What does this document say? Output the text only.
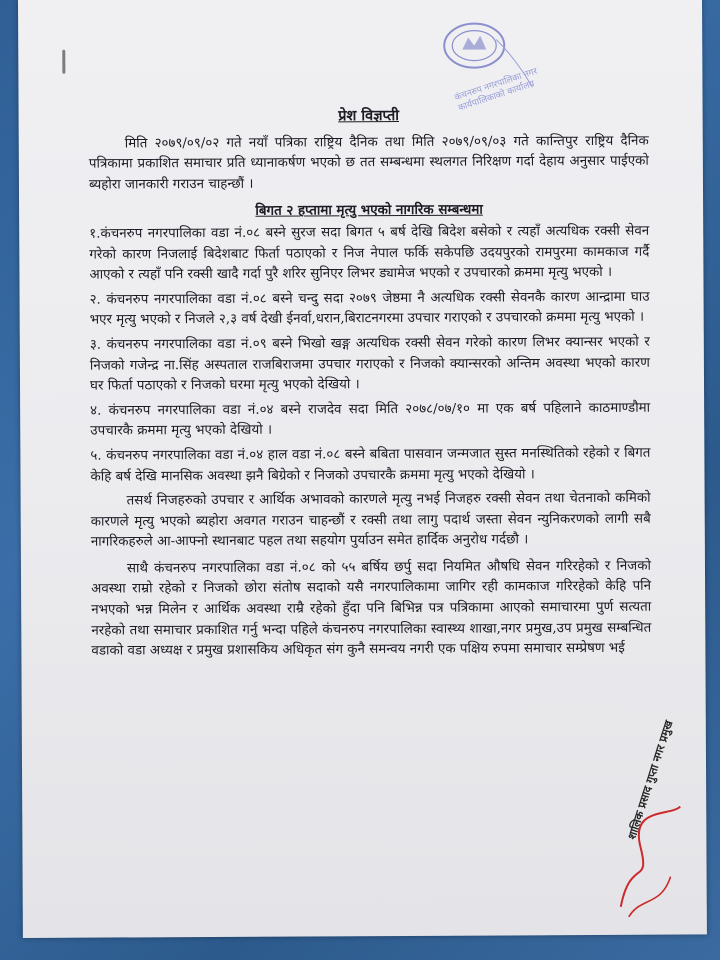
कंचनरुप नगरपालिका नगर कार्यपालिकाको कार्यालय
प्रेश विज्ञप्ती
मिति २०७९/०९/०२ गते नयाँ पत्रिका राष्ट्रिय दैनिक तथा मिति २०७९/०९/०३ गते कान्तिपुर राष्ट्रिय दैनिक पत्रिकामा प्रकाशित समाचार प्रति ध्यानाकर्षण भएको छ तत सम्बन्धमा स्थलगत निरिक्षण गर्दा देहाय अनुसार पाईएको ब्यहोरा जानकारी गराउन चाहन्छौं ।
बिगत २ हप्तामा मृत्यु भएको नागरिक सम्बन्धमा
१.कंचनरुप नगरपालिका वडा नं.०८ बस्ने सुरज सदा बिगत ५ बर्ष देखि बिदेश बसेको र त्यहाँ अत्यधिक रक्सी सेवन गरेको कारण निजलाई बिदेशबाट फिर्ता पठाएको र निज नेपाल फर्कि सकेपछि उदयपुरको रामपुरमा कामकाज गर्दै आएको र त्यहाँ पनि रक्सी खादै गर्दा पुरै शरिर सुनिएर लिभर ड्यामेज भएको र उपचारको क्रममा मृत्यु भएको ।
२. कंचनरुप नगरपालिका वडा नं.०८ बस्ने चन्दु सदा २०७९ जेष्ठमा नै अत्यधिक रक्सी सेवनकै कारण आन्द्रामा घाउ भएर मृत्यु भएको र निजले २,३ वर्ष देखी ईनर्वा,धरान,बिराटनगरमा उपचार गराएको र उपचारको क्रममा मृत्यु भएको ।
३. कंचनरुप नगरपालिका वडा नं.०९ बस्ने भिखो खङ्ग अत्यधिक रक्सी सेवन गरेको कारण लिभर क्यान्सर भएको र निजको गजेन्द्र ना.सिंह अस्पताल राजबिराजमा उपचार गराएको र निजको क्यान्सरको अन्तिम अवस्था भएको कारण घर फिर्ता पठाएको र निजको घरमा मृत्यु भएको देखियो ।
४. कंचनरुप नगरपालिका वडा नं.०४ बस्ने राजदेव सदा मिति २०७८/०७/१० मा एक बर्ष पहिलाने काठमाण्डौमा उपचारकै क्रममा मृत्यु भएको देखियो ।
५. कंचनरुप नगरपालिका वडा नं.०४ हाल वडा नं.०८ बस्ने बबिता पासवान जन्मजात सुस्त मनस्थितिको रहेको र बिगत केहि बर्ष देखि मानसिक अवस्था झनै बिग्रेको र निजको उपचारकै क्रममा मृत्यु भएको देखियो ।
तसर्थ निजहरुको उपचार र आर्थिक अभावको कारणले मृत्यु नभई निजहरु रक्सी सेवन तथा चेतनाको कमिको कारणले मृत्यु भएको ब्यहोरा अवगत गराउन चाहन्छौं र रक्सी तथा लागु पदार्थ जस्ता सेवन न्युनिकरणको लागी सबै नागरिकहरुले आ-आफ्नो स्थानबाट पहल तथा सहयोग पुर्याउन समेत हार्दिक अनुरोध गर्दछौ ।
साथै कंचनरुप नगरपालिका वडा नं.०८ को ५५ बर्षिय छर्पु सदा नियमित औषधि सेवन गरिरहेको र निजको अवस्था राम्रो रहेको र निजको छोरा संतोष सदाको यसै नगरपालिकामा जागिर रही कामकाज गरिरहेको केहि पनि नभएको भन्न मिलेन र आर्थिक अवस्था राम्रै रहेको हुँदा पनि बिभिन्न पत्र पत्रिकामा आएको समाचारमा पुर्ण सत्यता नरहेको तथा समाचार प्रकाशित गर्नु भन्दा पहिले कंचनरुप नगरपालिका स्वास्थ्य शाखा,नगर प्रमुख,उप प्रमुख सम्बन्धित वडाको वडा अध्यक्ष र प्रमुख प्रशासकिय अधिकृत संग कुनै समन्वय नगरी एक पक्षिय रुपमा समाचार सम्प्रेषण भई
शालिक प्रसाद गुप्ता नगर प्रमुख
